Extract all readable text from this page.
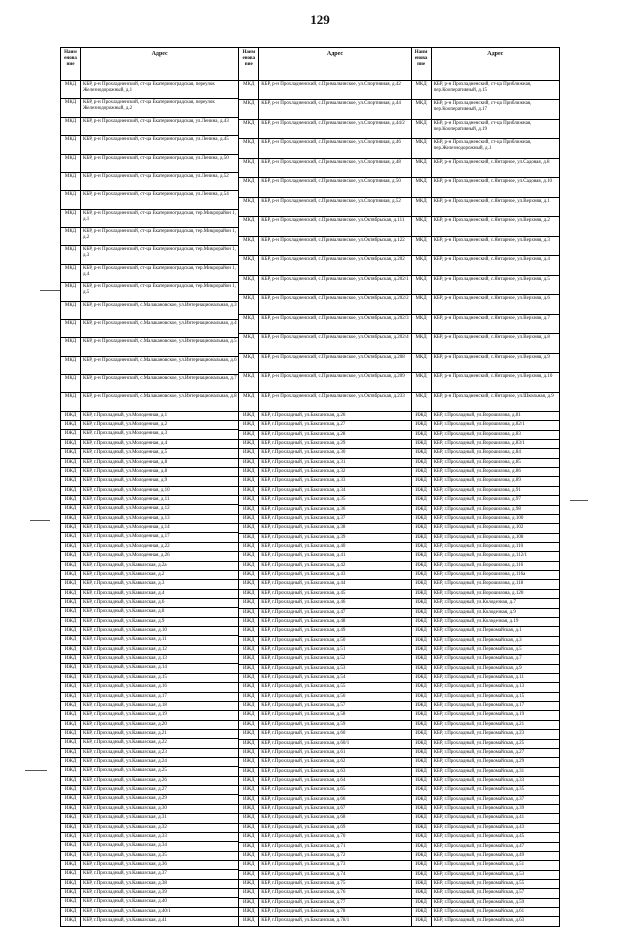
129
Наим енова ние
Адрес
МКД	КБР, р-н Прохладненский, ст-ца Екатериноградская, переулок Железнодорожный, д.1
МКД	КБР, р-н Прохладненский, ст-ца Екатериноградская, переулок Железнодорожный, д.2
МКД	КБР, р-н Прохладненский, ст-ца Екатериноградская, ул.Ленина, д.43
МКД	КБР, р-н Прохладненский, ст-ца Екатериноградская, ул.Ленина, д.45
МКД	КБР, р-н Прохладненский, ст-ца Екатериноградская, ул.Ленина, д.50
МКД	КБР, р-н Прохладненский, ст-ца Екатериноградская, ул.Ленина, д.52
МКД	КБР, р-н Прохладненский, ст-ца Екатериноградская, ул.Ленина, д.54
МКД	КБР, р-н Прохладненский, ст-ца Екатериноградская, тер.Микрорайон 1, д.1
МКД	КБР, р-н Прохладненский, ст-ца Екатериноградская, тер.Микрорайон 1, д.2
МКД	КБР, р-н Прохладненский, ст-ца Екатериноградская, тер.Микрорайон 1, д.3
МКД	КБР, р-н Прохладненский, ст-ца Екатериноградская, тер.Микрорайон 1, д.4
МКД	КБР, р-н Прохладненский, ст-ца Екатериноградская, тер.Микрорайон 1, д.5
МКД	КБР, р-н Прохладненский, с.Малакановское, ул.Интернациональная, д.3
МКД	КБР, р-н Прохладненский, с.Малакановское, ул.Интернациональная, д.4
МКД	КБР, р-н Прохладненский, с.Малакановское, ул.Интернациональная, д.5
МКД	КБР, р-н Прохладненский, с.Малакановское, ул.Интернациональная, д.6
МКД	КБР, р-н Прохладненский, с.Малакановское, ул.Интернациональная, д.7
МКД	КБР, р-н Прохладненский, с.Малакановское, ул.Интернациональная, д.8
ИЖД	КБР, г.Прохладный, ул.Молоденная, д.1
ИЖД	КБР, г.Прохладный, ул.Молоденная, д.2
ИЖД	КБР, г.Прохладный, ул.Молоденная, д.3
ИЖД	КБР, г.Прохладный, ул.Молоденная, д.4
ИЖД	КБР, г.Прохладный, ул.Молоденная, д.5
ИЖД	КБР, г.Прохладный, ул.Молоденная, д.8
ИЖД	КБР, г.Прохладный, ул.Молоденная, д.8
ИЖД	КБР, г.Прохладный, ул.Молоденная, д.9
ИЖД	КБР, г.Прохладный, ул.Молоденная, д.10
ИЖД	КБР, г.Прохладный, ул.Молоденная, д.11
ИЖД	КБР, г.Прохладный, ул.Молоденная, д.12
ИЖД	КБР, г.Прохладный, ул.Молоденная, д.13
ИЖД	КБР, г.Прохладный, ул.Молоденная, д.14
ИЖД	КБР, г.Прохладный, ул.Молоденная, д.17
ИЖД	КБР, г.Прохладный, ул.Молоденная, д.22
ИЖД	КБР, г.Прохладный, ул.Молоденная, д.26
ИЖД	КБР, г.Прохладный, ул.Кавказская, д.2а
ИЖД	КБР, г.Прохладный, ул.Кавказская, д.2
ИЖД	КБР, г.Прохладный, ул.Кавказская, д.3
ИЖД	КБР, г.Прохладный, ул.Кавказская, д.4
ИЖД	КБР, г.Прохладный, ул.Кавказская, д.6
ИЖД	КБР, г.Прохладный, ул.Кавказская, д.8
ИЖД	КБР, г.Прохладный, ул.Кавказская, д.9
ИЖД	КБР, г.Прохладный, ул.Кавказская, д.10
ИЖД	КБР, г.Прохладный, ул.Кавказская, д.11
ИЖД	КБР, г.Прохладный, ул.Кавказская, д.12
ИЖД	КБР, г.Прохладный, ул.Кавказская, д.13
ИЖД	КБР, г.Прохладный, ул.Кавказская, д.14
ИЖД	КБР, г.Прохладный, ул.Кавказская, д.15
ИЖД	КБР, г.Прохладный, ул.Кавказская, д.16
ИЖД	КБР, г.Прохладный, ул.Кавказская, д.17
ИЖД	КБР, г.Прохладный, ул.Кавказская, д.18
ИЖД	КБР, г.Прохладный, ул.Кавказская, д.19
ИЖД	КБР, г.Прохладный, ул.Кавказская, д.20
ИЖД	КБР, г.Прохладный, ул.Кавказская, д.21
ИЖД	КБР, г.Прохладный, ул.Кавказская, д.22
ИЖД	КБР, г.Прохладный, ул.Кавказская, д.23
ИЖД	КБР, г.Прохладный, ул.Кавказская, д.24
ИЖД	КБР, г.Прохладный, ул.Кавказская, д.25
ИЖД	КБР, г.Прохладный, ул.Кавказская, д.26
ИЖД	КБР, г.Прохладный, ул.Кавказская, д.27
ИЖД	КБР, г.Прохладный, ул.Кавказская, д.29
ИЖД	КБР, г.Прохладный, ул.Кавказская, д.30
ИЖД	КБР, г.Прохладный, ул.Кавказская, д.31
ИЖД	КБР, г.Прохладный, ул.Кавказская, д.32
ИЖД	КБР, г.Прохладный, ул.Кавказская, д.33
ИЖД	КБР, г.Прохладный, ул.Кавказская, д.34
ИЖД	КБР, г.Прохладный, ул.Кавказская, д.35
ИЖД	КБР, г.Прохладный, ул.Кавказская, д.36
ИЖД	КБР, г.Прохладный, ул.Кавказская, д.37
ИЖД	КБР, г.Прохладный, ул.Кавказская, д.38
ИЖД	КБР, г.Прохладный, ул.Кавказская, д.39
ИЖД	КБР, г.Прохладный, ул.Кавказская, д.40
ИЖД	КБР, г.Прохладный, ул.Кавказская, д.40/1
ИЖД	КБР, г.Прохладный, ул.Кавказская, д.41
Наим енова ние
Адрес
МКД	КБР, р-н Прохладненский, с.Прималкинское, ул.Спортивная, д.42
МКД	КБР, р-н Прохладненский, с.Прималкинское, ул.Спортивная, д.44
МКД	КБР, р-н Прохладненский, с.Прималкинское, ул.Спортивная, д.44/2
МКД	КБР, р-н Прохладненский, с.Прималкинское, ул.Спортивная, д.46
МКД	КБР, р-н Прохладненский, с.Прималкинское, ул.Спортивная, д.48
МКД	КБР, р-н Прохладненский, с.Прималкинское, ул.Спортивная, д.50
МКД	КБР, р-н Прохладненский, с.Прималкинское, ул.Спортивная, д.52
МКД	КБР, р-н Прохладненский, с.Прималкинское, ул.Октябрьская, д.111
МКД	КБР, р-н Прохладненский, с.Прималкинское, ул.Октябрьская, д.122
МКД	КБР, р-н Прохладненский, с.Прималкинское, ул.Октябрьская, д.202
МКД	КБР, р-н Прохладненский, с.Прималкинское, ул.Октябрьская, д.202/1
МКД	КБР, р-н Прохладненский, с.Прималкинское, ул.Октябрьская, д.202/2
МКД	КБР, р-н Прохладненский, с.Прималкинское, ул.Октябрьская, д.202/3
МКД	КБР, р-н Прохладненский, с.Прималкинское, ул.Октябрьская, д.202/4
МКД	КБР, р-н Прохладненский, с.Прималкинское, ул.Октябрьская, д.208
МКД	КБР, р-н Прохладненский, с.Прималкинское, ул.Октябрьская, д.209
МКД	КБР, р-н Прохладненский, с.Прималкинское, ул.Октябрьская, д.233
ИЖД	КБР, г.Прохладный, ул.Баксанская, д.26
ИЖД	КБР, г.Прохладный, ул.Баксанская, д.27
ИЖД	КБР, г.Прохладный, ул.Баксанская, д.28
ИЖД	КБР, г.Прохладный, ул.Баксанская, д.29
ИЖД	КБР, г.Прохладный, ул.Баксанская, д.30
ИЖД	КБР, г.Прохладный, ул.Баксанская, д.31
ИЖД	КБР, г.Прохладный, ул.Баксанская, д.32
ИЖД	КБР, г.Прохладный, ул.Баксанская, д.33
ИЖД	КБР, г.Прохладный, ул.Баксанская, д.34
ИЖД	КБР, г.Прохладный, ул.Баксанская, д.35
ИЖД	КБР, г.Прохладный, ул.Баксанская, д.36
ИЖД	КБР, г.Прохладный, ул.Баксанская, д.37
ИЖД	КБР, г.Прохладный, ул.Баксанская, д.38
ИЖД	КБР, г.Прохладный, ул.Баксанская, д.39
ИЖД	КБР, г.Прохладный, ул.Баксанская, д.40
ИЖД	КБР, г.Прохладный, ул.Баксанская, д.41
ИЖД	КБР, г.Прохладный, ул.Баксанская, д.42
ИЖД	КБР, г.Прохладный, ул.Баксанская, д.43
ИЖД	КБР, г.Прохладный, ул.Баксанская, д.44
ИЖД	КБР, г.Прохладный, ул.Баксанская, д.45
ИЖД	КБР, г.Прохладный, ул.Баксанская, д.46
ИЖД	КБР, г.Прохладный, ул.Баксанская, д.47
ИЖД	КБР, г.Прохладный, ул.Баксанская, д.48
ИЖД	КБР, г.Прохладный, ул.Баксанская, д.49
ИЖД	КБР, г.Прохладный, ул.Баксанская, д.50
ИЖД	КБР, г.Прохладный, ул.Баксанская, д.51
ИЖД	КБР, г.Прохладный, ул.Баксанская, д.52
ИЖД	КБР, г.Прохладный, ул.Баксанская, д.53
ИЖД	КБР, г.Прохладный, ул.Баксанская, д.54
ИЖД	КБР, г.Прохладный, ул.Баксанская, д.55
ИЖД	КБР, г.Прохладный, ул.Баксанская, д.56
ИЖД	КБР, г.Прохладный, ул.Баксанская, д.57
ИЖД	КБР, г.Прохладный, ул.Баксанская, д.58
ИЖД	КБР, г.Прохладный, ул.Баксанская, д.59
ИЖД	КБР, г.Прохладный, ул.Баксанская, д.60
ИЖД	КБР, г.Прохладный, ул.Баксанская, д.60/1
ИЖД	КБР, г.Прохладный, ул.Баксанская, д.61
ИЖД	КБР, г.Прохладный, ул.Баксанская, д.62
ИЖД	КБР, г.Прохладный, ул.Баксанская, д.63
ИЖД	КБР, г.Прохладный, ул.Баксанская, д.64
ИЖД	КБР, г.Прохладный, ул.Баксанская, д.65
ИЖД	КБР, г.Прохладный, ул.Баксанская, д.66
ИЖД	КБР, г.Прохладный, ул.Баксанская, д.67
ИЖД	КБР, г.Прохладный, ул.Баксанская, д.68
ИЖД	КБР, г.Прохладный, ул.Баксанская, д.69
ИЖД	КБР, г.Прохладный, ул.Баксанская, д.70
ИЖД	КБР, г.Прохладный, ул.Баксанская, д.71
ИЖД	КБР, г.Прохладный, ул.Баксанская, д.72
ИЖД	КБР, г.Прохладный, ул.Баксанская, д.73
ИЖД	КБР, г.Прохладный, ул.Баксанская, д.74
ИЖД	КБР, г.Прохладный, ул.Баксанская, д.75
ИЖД	КБР, г.Прохладный, ул.Баксанская, д.76
ИЖД	КБР, г.Прохладный, ул.Баксанская, д.77
ИЖД	КБР, г.Прохладный, ул.Баксанская, д.78
ИЖД	КБР, г.Прохладный, ул.Баксанская, д.78/1
Наим енова ние
Адрес
МКД	КБР, р-н Прохладненский, ст-ца Приближная, пер.Кооперативный, д.15
МКД	КБР, р-н Прохладненский, ст-ца Приближная, пер.Кооперативный, д.17
МКД	КБР, р-н Прохладненский, ст-ца Приближная, пер.Кооперативный, д.19
МКД	КБР, р-н Прохладненский, ст-ца Приближная, пер.Железнодорожный, д.1
МКД	КБР, р-н Прохладненский, с.Янтарное, ул.Садовая, д.8
МКД	КБР, р-н Прохладненский, с.Янтарное, ул.Садовая, д.10
МКД	КБР, р-н Прохладненский, с.Янтарное, ул.Верхняя, д.1
МКД	КБР, р-н Прохладненский, с.Янтарное, ул.Верхняя, д.2
МКД	КБР, р-н Прохладненский, с.Янтарное, ул.Верхняя, д.3
МКД	КБР, р-н Прохладненский, с.Янтарное, ул.Верхняя, д.4
МКД	КБР, р-н Прохладненский, с.Янтарное, ул.Верхняя, д.5
МКД	КБР, р-н Прохладненский, с.Янтарное, ул.Верхняя, д.6
МКД	КБР, р-н Прохладненский, с.Янтарное, ул.Верхняя, д.7
МКД	КБР, р-н Прохладненский, с.Янтарное, ул.Верхняя, д.8
МКД	КБР, р-н Прохладненский, с.Янтарное, ул.Верхняя, д.9
МКД	КБР, р-н Прохладненский, с.Янтарное, ул.Верхняя, д.10
МКД	КБР, р-н Прохладненский, с.Янтарное, ул.Школьная, д.9
ИЖД	КБР, г.Прохладный, ул.Ворошилова, д.81
ИЖД	КБР, г.Прохладный, ул.Ворошилова, д.82/1
ИЖД	КБР, г.Прохладный, ул.Ворошилова, д.83
ИЖД	КБР, г.Прохладный, ул.Ворошилова, д.83/1
ИЖД	КБР, г.Прохладный, ул.Ворошилова, д.84
ИЖД	КБР, г.Прохладный, ул.Ворошилова, д.85
ИЖД	КБР, г.Прохладный, ул.Ворошилова, д.86
ИЖД	КБР, г.Прохладный, ул.Ворошилова, д.89
ИЖД	КБР, г.Прохладный, ул.Ворошилова, д.91
ИЖД	КБР, г.Прохладный, ул.Ворошилова, д.97
ИЖД	КБР, г.Прохладный, ул.Ворошилова, д.98
ИЖД	КБР, г.Прохладный, ул.Ворошилова, д.100
ИЖД	КБР, г.Прохладный, ул.Ворошилова, д.102
ИЖД	КБР, г.Прохладный, ул.Ворошилова, д.108
ИЖД	КБР, г.Прохладный, ул.Ворошилова, д.110
ИЖД	КБР, г.Прохладный, ул.Ворошилова, д.112/1
ИЖД	КБР, г.Прохладный, ул.Ворошилова, д.116
ИЖД	КБР, г.Прохладный, ул.Ворошилова, д.116а
ИЖД	КБР, г.Прохладный, ул.Ворошилова, д.118
ИЖД	КБР, г.Прохладный, ул.Ворошилова, д.120
ИЖД	КБР, г.Прохладный, ул.Колодезная, д.7
ИЖД	КБР, г.Прохладный, ул.Колодезная, д.9
ИЖД	КБР, г.Прохладный, ул.Колодезная, д.19
ИЖД	КБР, г.Прохладный, ул.Первомайская, д.1
ИЖД	КБР, г.Прохладный, ул.Первомайская, д.3
ИЖД	КБР, г.Прохладный, ул.Первомайская, д.5
ИЖД	КБР, г.Прохладный, ул.Первомайская, д.7
ИЖД	КБР, г.Прохладный, ул.Первомайская, д.9
ИЖД	КБР, г.Прохладный, ул.Первомайская, д.11
ИЖД	КБР, г.Прохладный, ул.Первомайская, д.13
ИЖД	КБР, г.Прохладный, ул.Первомайская, д.15
ИЖД	КБР, г.Прохладный, ул.Первомайская, д.17
ИЖД	КБР, г.Прохладный, ул.Первомайская, д.19
ИЖД	КБР, г.Прохладный, ул.Первомайская, д.21
ИЖД	КБР, г.Прохладный, ул.Первомайская, д.23
ИЖД	КБР, г.Прохладный, ул.Первомайская, д.25
ИЖД	КБР, г.Прохладный, ул.Первомайская, д.27
ИЖД	КБР, г.Прохладный, ул.Первомайская, д.29
ИЖД	КБР, г.Прохладный, ул.Первомайская, д.31
ИЖД	КБР, г.Прохладный, ул.Первомайская, д.33
ИЖД	КБР, г.Прохладный, ул.Первомайская, д.35
ИЖД	КБР, г.Прохладный, ул.Первомайская, д.37
ИЖД	КБР, г.Прохладный, ул.Первомайская, д.39
ИЖД	КБР, г.Прохладный, ул.Первомайская, д.41
ИЖД	КБР, г.Прохладный, ул.Первомайская, д.43
ИЖД	КБР, г.Прохладный, ул.Первомайская, д.45
ИЖД	КБР, г.Прохладный, ул.Первомайская, д.47
ИЖД	КБР, г.Прохладный, ул.Первомайская, д.49
ИЖД	КБР, г.Прохладный, ул.Первомайская, д.51
ИЖД	КБР, г.Прохладный, ул.Первомайская, д.53
ИЖД	КБР, г.Прохладный, ул.Первомайская, д.55
ИЖД	КБР, г.Прохладный, ул.Первомайская, д.57
ИЖД	КБР, г.Прохладный, ул.Первомайская, д.59
ИЖД	КБР, г.Прохладный, ул.Первомайская, д.61
ИЖД	КБР, г.Прохладный, ул.Первомайская, д.63
